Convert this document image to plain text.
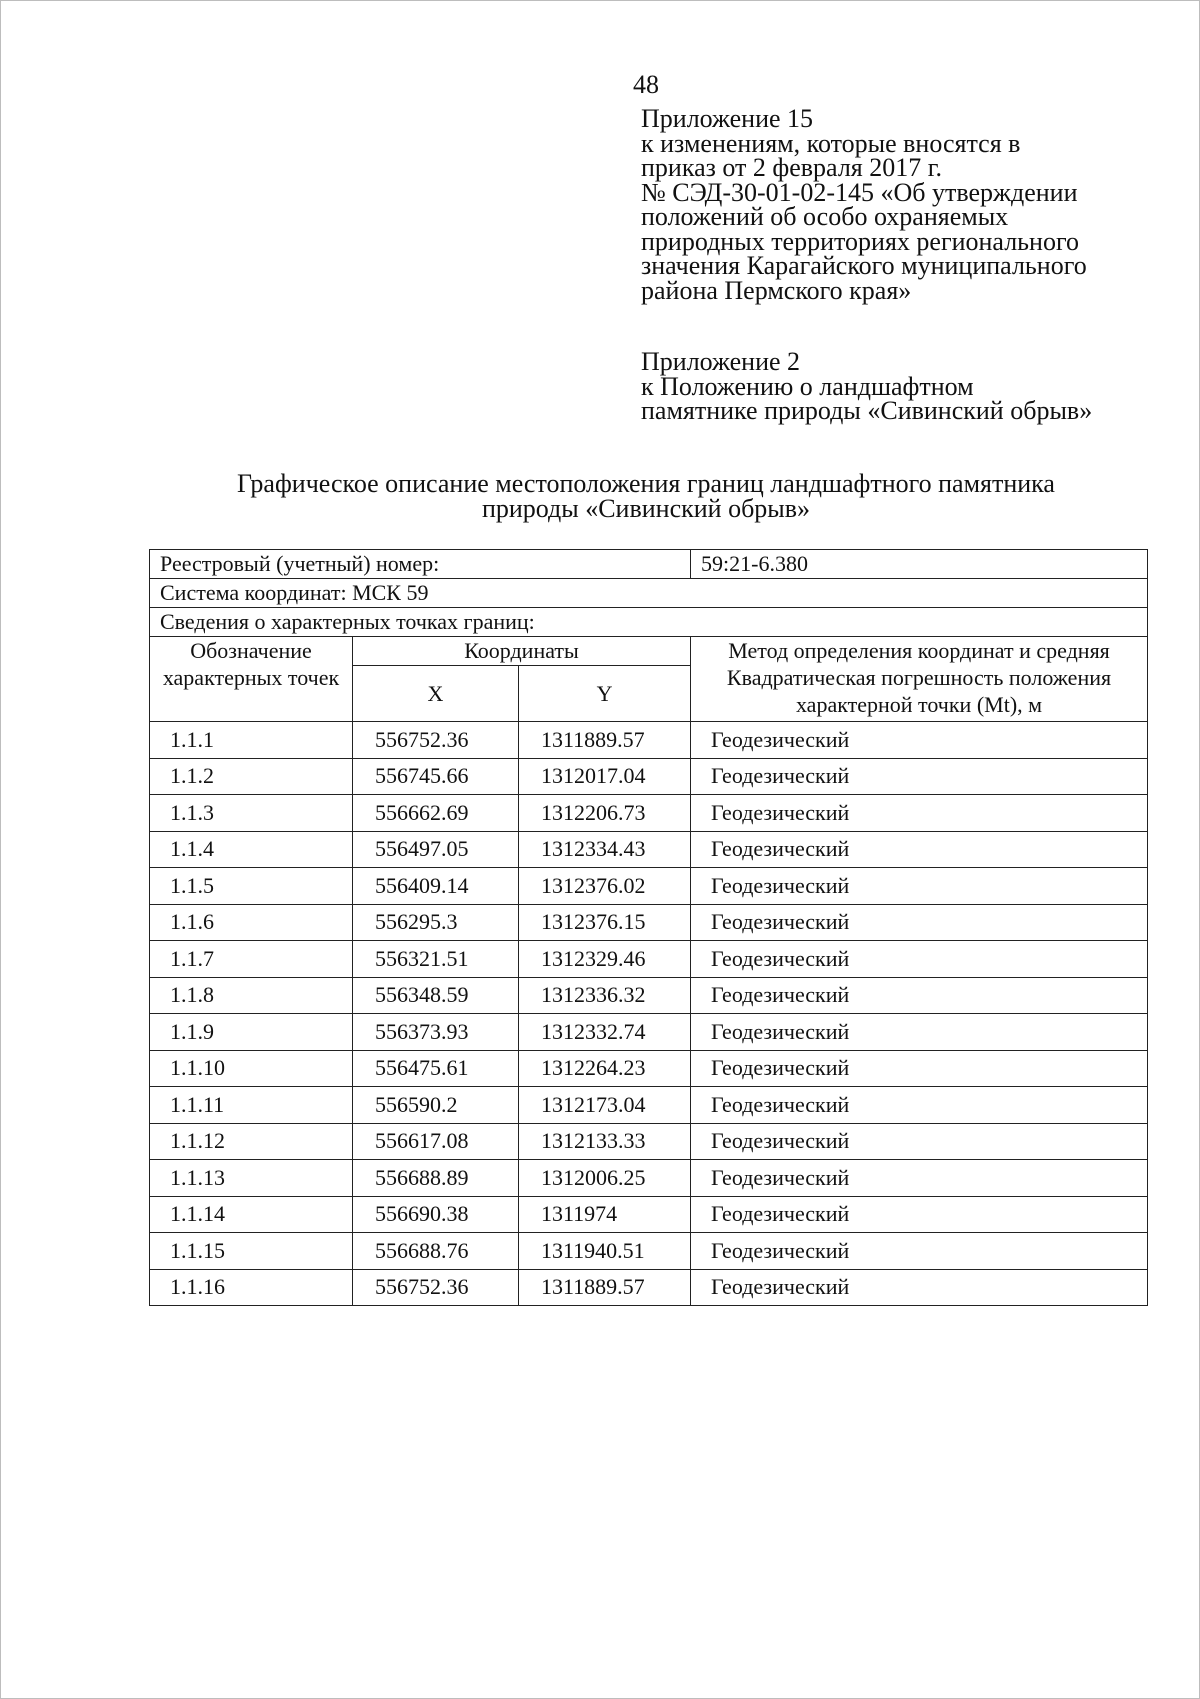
48
Приложение 15
к изменениям, которые вносятся в
приказ от 2 февраля 2017 г.
№ СЭД-30-01-02-145 «Об утверждении
положений об особо охраняемых
природных территориях регионального
значения Карагайского муниципального
района Пермского края»
Приложение 2
к Положению о ландшафтном
памятнике природы «Сивинский обрыв»
Графическое описание местоположения границ ландшафтного памятника
природы «Сивинский обрыв»
Реестровый (учетный) номер:			59:21-6.380
Система координат: МСК 59			
Сведения о характерных точках границ:			
Обозначение характерных точек	Координаты		Метод определения координат и средняя Квадратическая погрешность положения характерной точки (Mt), м
	X	Y	
1.1.1	556752.36	1311889.57	Геодезический
1.1.2	556745.66	1312017.04	Геодезический
1.1.3	556662.69	1312206.73	Геодезический
1.1.4	556497.05	1312334.43	Геодезический
1.1.5	556409.14	1312376.02	Геодезический
1.1.6	556295.3	1312376.15	Геодезический
1.1.7	556321.51	1312329.46	Геодезический
1.1.8	556348.59	1312336.32	Геодезический
1.1.9	556373.93	1312332.74	Геодезический
1.1.10	556475.61	1312264.23	Геодезический
1.1.11	556590.2	1312173.04	Геодезический
1.1.12	556617.08	1312133.33	Геодезический
1.1.13	556688.89	1312006.25	Геодезический
1.1.14	556690.38	1311974	Геодезический
1.1.15	556688.76	1311940.51	Геодезический
1.1.16	556752.36	1311889.57	Геодезический
